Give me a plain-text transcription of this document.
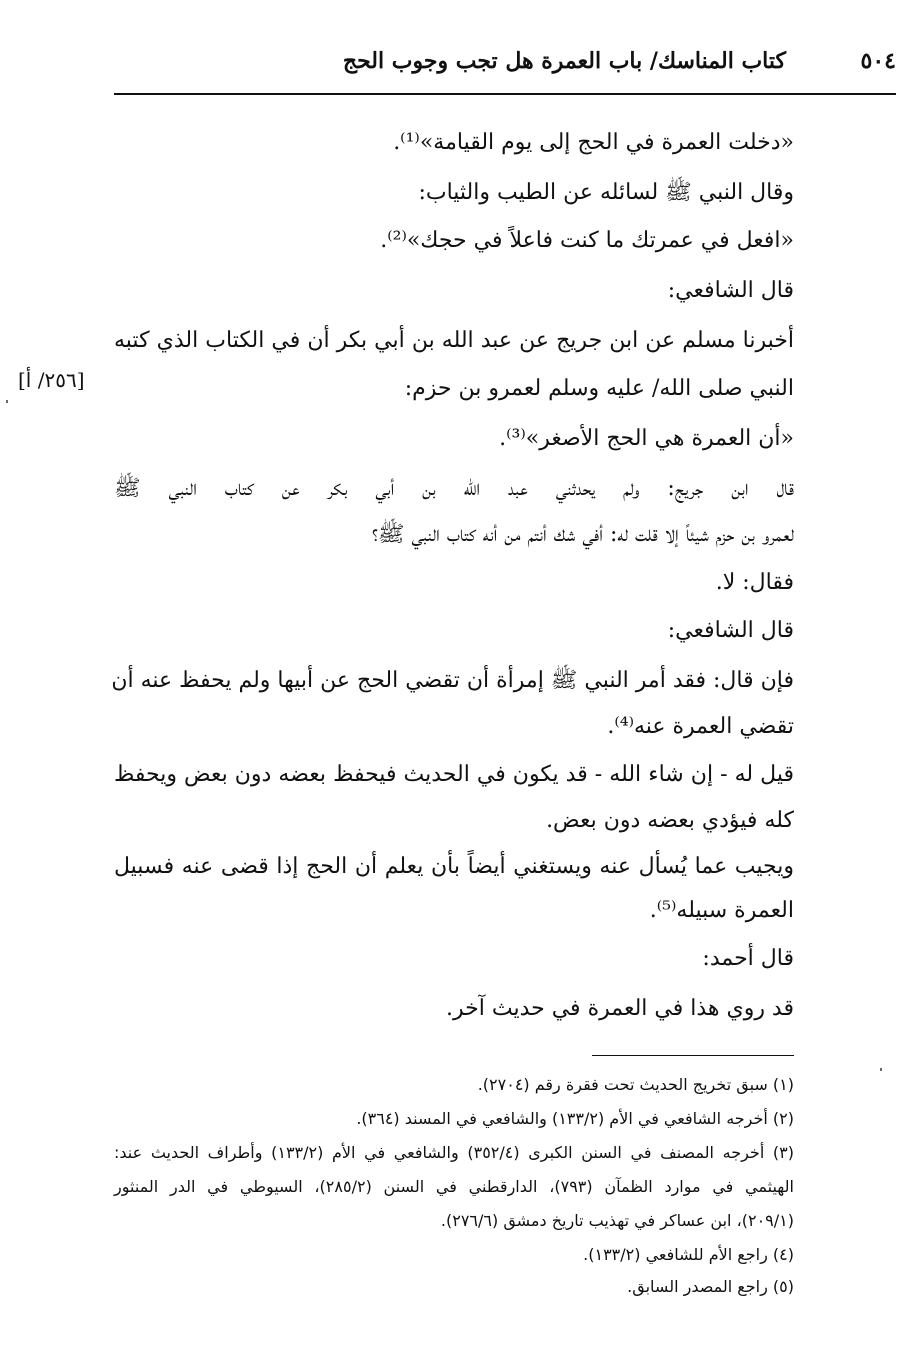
٥٠٤
كتاب المناسك/ باب العمرة هل تجب وجوب الحج
[٢٥٦/ أ]
«دخلت العمرة في الحج إلى يوم القيامة»⁽¹⁾.
وقال النبي ﷺ لسائله عن الطيب والثياب:
«افعل في عمرتك ما كنت فاعلاً في حجك»⁽²⁾.
قال الشافعي:
أخبرنا مسلم عن ابن جريج عن عبد الله بن أبي بكر أن في الكتاب الذي كتبه
النبي صلى الله/ عليه وسلم لعمرو بن حزم:
«أن العمرة هي الحج الأصغر»⁽³⁾.
قال ابن جريج: ولم يحدثني عبد الله بن أبي بكر عن كتاب النبي ﷺ
لعمرو بن حزم شيئاً إلا قلت له: أفي شك أنتم من أنه كتاب النبي ﷺ؟
فقال: لا.
قال الشافعي:
فإن قال: فقد أمر النبي ﷺ إمرأة أن تقضي الحج عن أبيها ولم يحفظ عنه أن
تقضي العمرة عنه⁽⁴⁾.
قيل له - إن شاء الله - قد يكون في الحديث فيحفظ بعضه دون بعض ويحفظ
كله فيؤدي بعضه دون بعض.
ويجيب عما يُسأل عنه ويستغني أيضاً بأن يعلم أن الحج إذا قضى عنه فسبيل
العمرة سبيله⁽⁵⁾.
قال أحمد:
قد روي هذا في العمرة في حديث آخر.
(١) سبق تخريج الحديث تحت فقرة رقم (٢٧٠٤).
(٢) أخرجه الشافعي في الأم (١٣٣/٢) والشافعي في المسند (٣٦٤).
(٣) أخرجه المصنف في السنن الكبرى (٣٥٢/٤) والشافعي في الأم (١٣٣/٢) وأطراف الحديث عند:
الهيثمي في موارد الظمآن (٧٩٣)، الدارقطني في السنن (٢٨٥/٢)، السيوطي في الدر المنثور
(٢٠٩/١)، ابن عساكر في تهذيب تاريخ دمشق (٢٧٦/٦).
(٤) راجع الأم للشافعي (١٣٣/٢).
(٥) راجع المصدر السابق.
